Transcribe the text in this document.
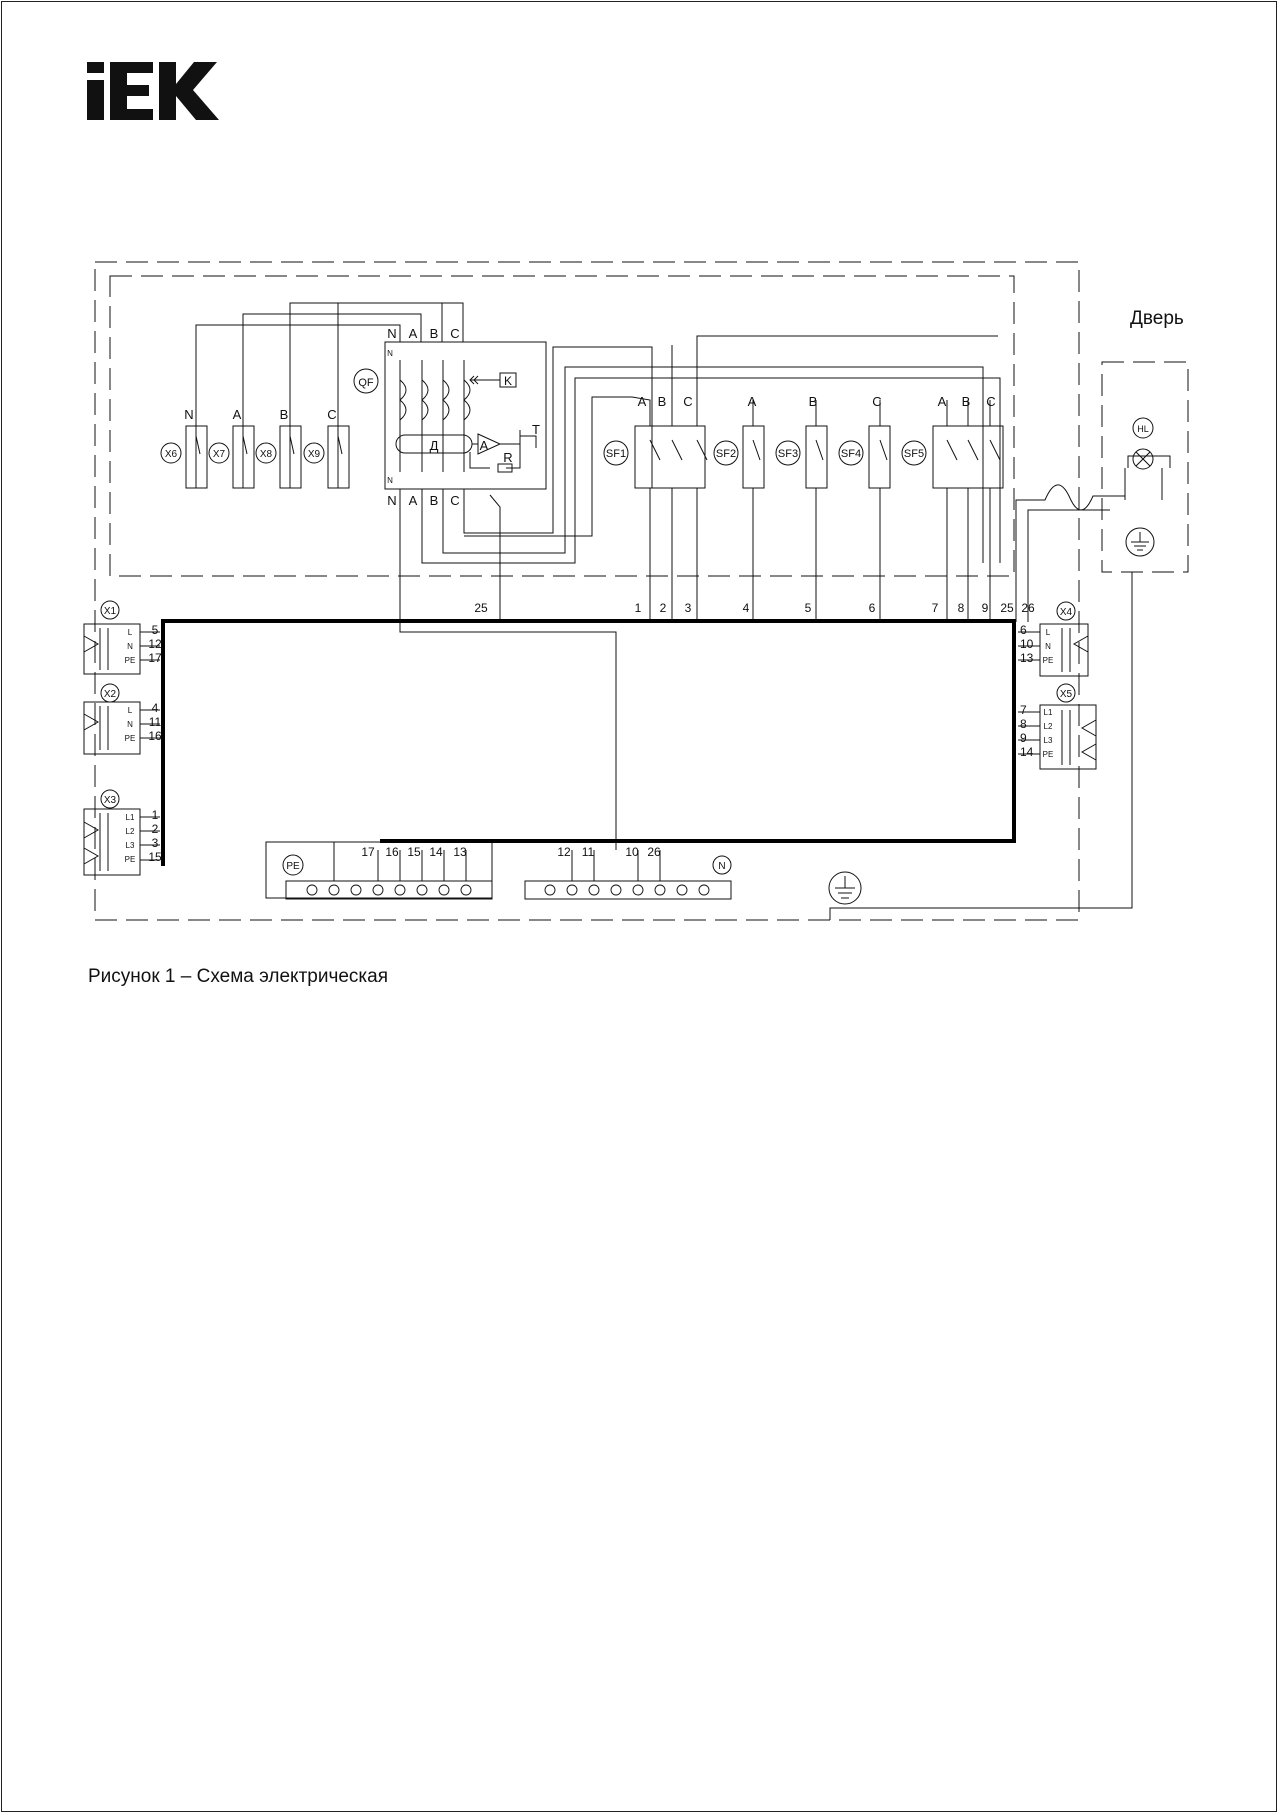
Дверь
Рисунок 1 – Схема электрическая
QF
N A B C
N A B C
N
N
Д	A
R
T
K
X6
N
X7
A
X8
B
X9
C
SF1	SF2	SF3	SF4	SF5
A B C	A	B	C	A B C
25	1 2 3	4	5	6	7 8 9 25 26
X1
L
N
PE
5
12
17
X2
L
N
PE
4
11
16
X3
L1
L2
L3
PE
1
2
3
15
X4
L
N
PE
6
10
13
X5
L1
L2
L3
PE
7
8
9
14
PE
17 16 15 14 13
N
12 11	10 26
HL
